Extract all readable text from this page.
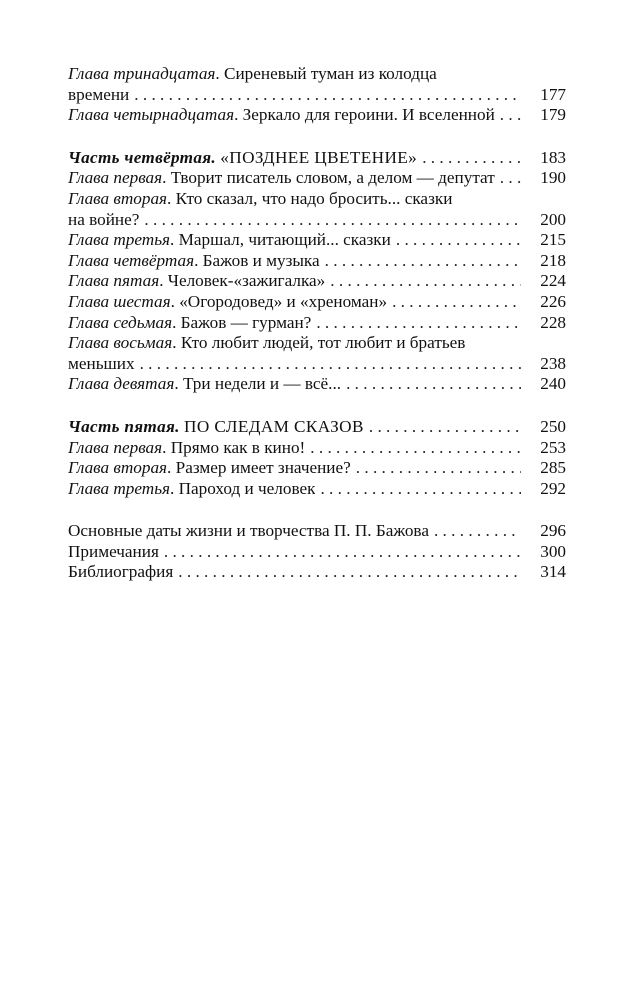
Глава тринадцатая. Сиреневый туман из колодца
времени . . .	177
Глава четырнадцатая. Зеркало для героини. И вселенной . . .	179
Часть четвёртая. «ПОЗДНЕЕ ЦВЕТЕНИЕ» . . .	183
Глава первая. Творит писатель словом, а делом — депутат . . .	190
Глава вторая. Кто сказал, что надо бросить... сказки
на войне? . . .	200
Глава третья. Маршал, читающий... сказки . . .	215
Глава четвёртая. Бажов и музыка . . .	218
Глава пятая. Человек-«зажигалка» . . .	224
Глава шестая. «Огородовед» и «хреноман» . . .	226
Глава седьмая. Бажов — гурман? . . .	228
Глава восьмая. Кто любит людей, тот любит и братьев
меньших . . .	238
Глава девятая. Три недели и — всё... . . .	240
Часть пятая. ПО СЛЕДАМ СКАЗОВ . . .	250
Глава первая. Прямо как в кино! . . .	253
Глава вторая. Размер имеет значение? . . .	285
Глава третья. Пароход и человек . . .	292
Основные даты жизни и творчества П. П. Бажова . . .	296
Примечания . . .	300
Библиография . . .	314
